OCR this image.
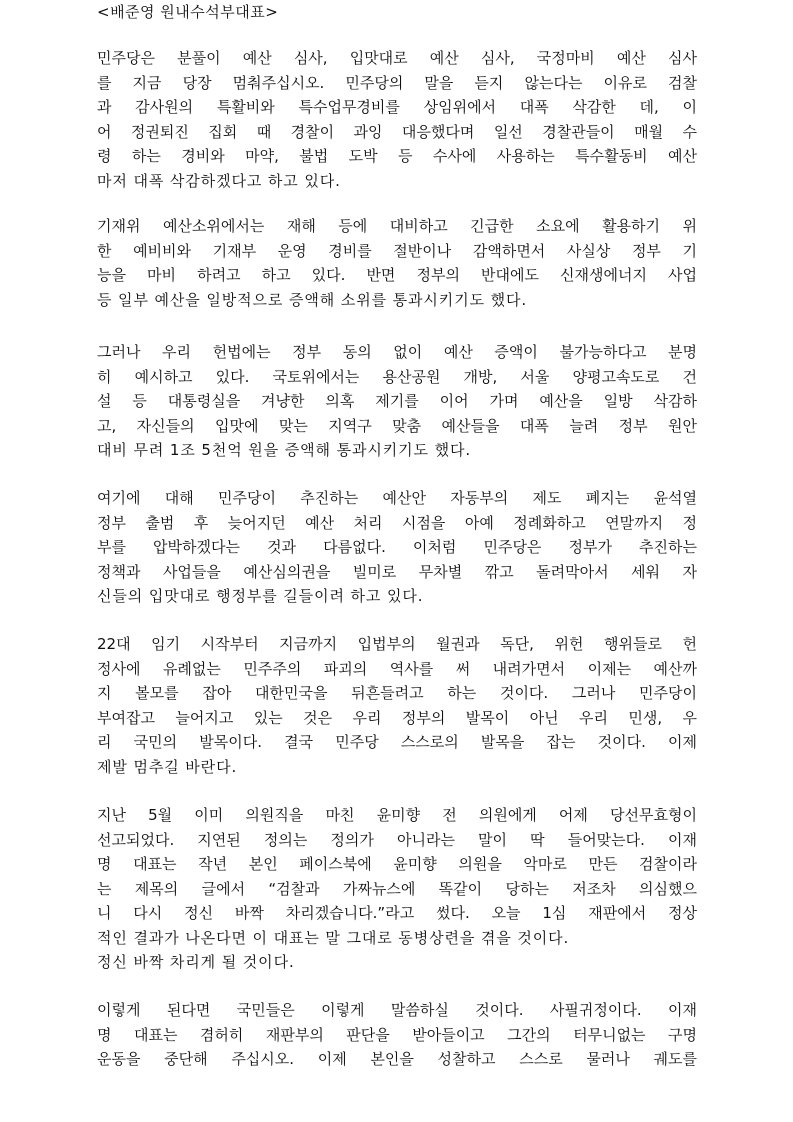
<배준영 원내수석부대표>
민주당은 분풀이 예산 심사, 입맛대로 예산 심사, 국정마비 예산 심사
를 지금 당장 멈춰주십시오. 민주당의 말을 듣지 않는다는 이유로 검찰
과 감사원의 특활비와 특수업무경비를 상임위에서 대폭 삭감한 데, 이
어 정권퇴진 집회 때 경찰이 과잉 대응했다며 일선 경찰관들이 매월 수
령 하는 경비와 마약, 불법 도박 등 수사에 사용하는 특수활동비 예산
마저 대폭 삭감하겠다고 하고 있다.
기재위 예산소위에서는 재해 등에 대비하고 긴급한 소요에 활용하기 위
한 예비비와 기재부 운영 경비를 절반이나 감액하면서 사실상 정부 기
능을 마비 하려고 하고 있다. 반면 정부의 반대에도 신재생에너지 사업
등 일부 예산을 일방적으로 증액해 소위를 통과시키기도 했다.
그러나 우리 헌법에는 정부 동의 없이 예산 증액이 불가능하다고 분명
히 예시하고 있다. 국토위에서는 용산공원 개방, 서울 양평고속도로 건
설 등 대통령실을 겨냥한 의혹 제기를 이어 가며 예산을 일방 삭감하
고, 자신들의 입맛에 맞는 지역구 맞춤 예산들을 대폭 늘려 정부 원안
대비 무려 1조 5천억 원을 증액해 통과시키기도 했다.
여기에 대해 민주당이 추진하는 예산안 자동부의 제도 폐지는 윤석열
정부 출범 후 늦어지던 예산 처리 시점을 아예 정례화하고 연말까지 정
부를 압박하겠다는 것과 다름없다. 이처럼 민주당은 정부가 추진하는
정책과 사업들을 예산심의권을 빌미로 무차별 깎고 돌려막아서 세워 자
신들의 입맛대로 행정부를 길들이려 하고 있다.
22대 임기 시작부터 지금까지 입법부의 월권과 독단, 위헌 행위들로 헌
정사에 유례없는 민주주의 파괴의 역사를 써 내려가면서 이제는 예산까
지 볼모를 잡아 대한민국을 뒤흔들려고 하는 것이다. 그러나 민주당이
부여잡고 늘어지고 있는 것은 우리 정부의 발목이 아닌 우리 민생, 우
리 국민의 발목이다. 결국 민주당 스스로의 발목을 잡는 것이다. 이제
제발 멈추길 바란다.
지난 5월 이미 의원직을 마친 윤미향 전 의원에게 어제 당선무효형이
선고되었다. 지연된 정의는 정의가 아니라는 말이 딱 들어맞는다. 이재
명 대표는 작년 본인 페이스북에 윤미향 의원을 악마로 만든 검찰이라
는 제목의 글에서 “검찰과 가짜뉴스에 똑같이 당하는 저조차 의심했으
니 다시 정신 바짝 차리겠습니다.”라고 썼다. 오늘 1심 재판에서 정상
적인 결과가 나온다면 이 대표는 말 그대로 동병상련을 겪을 것이다.
정신 바짝 차리게 될 것이다.
이렇게 된다면 국민들은 이렇게 말씀하실 것이다. 사필귀정이다. 이재
명 대표는 겸허히 재판부의 판단을 받아들이고 그간의 터무니없는 구명
운동을 중단해 주십시오. 이제 본인을 성찰하고 스스로 물러나 궤도를
